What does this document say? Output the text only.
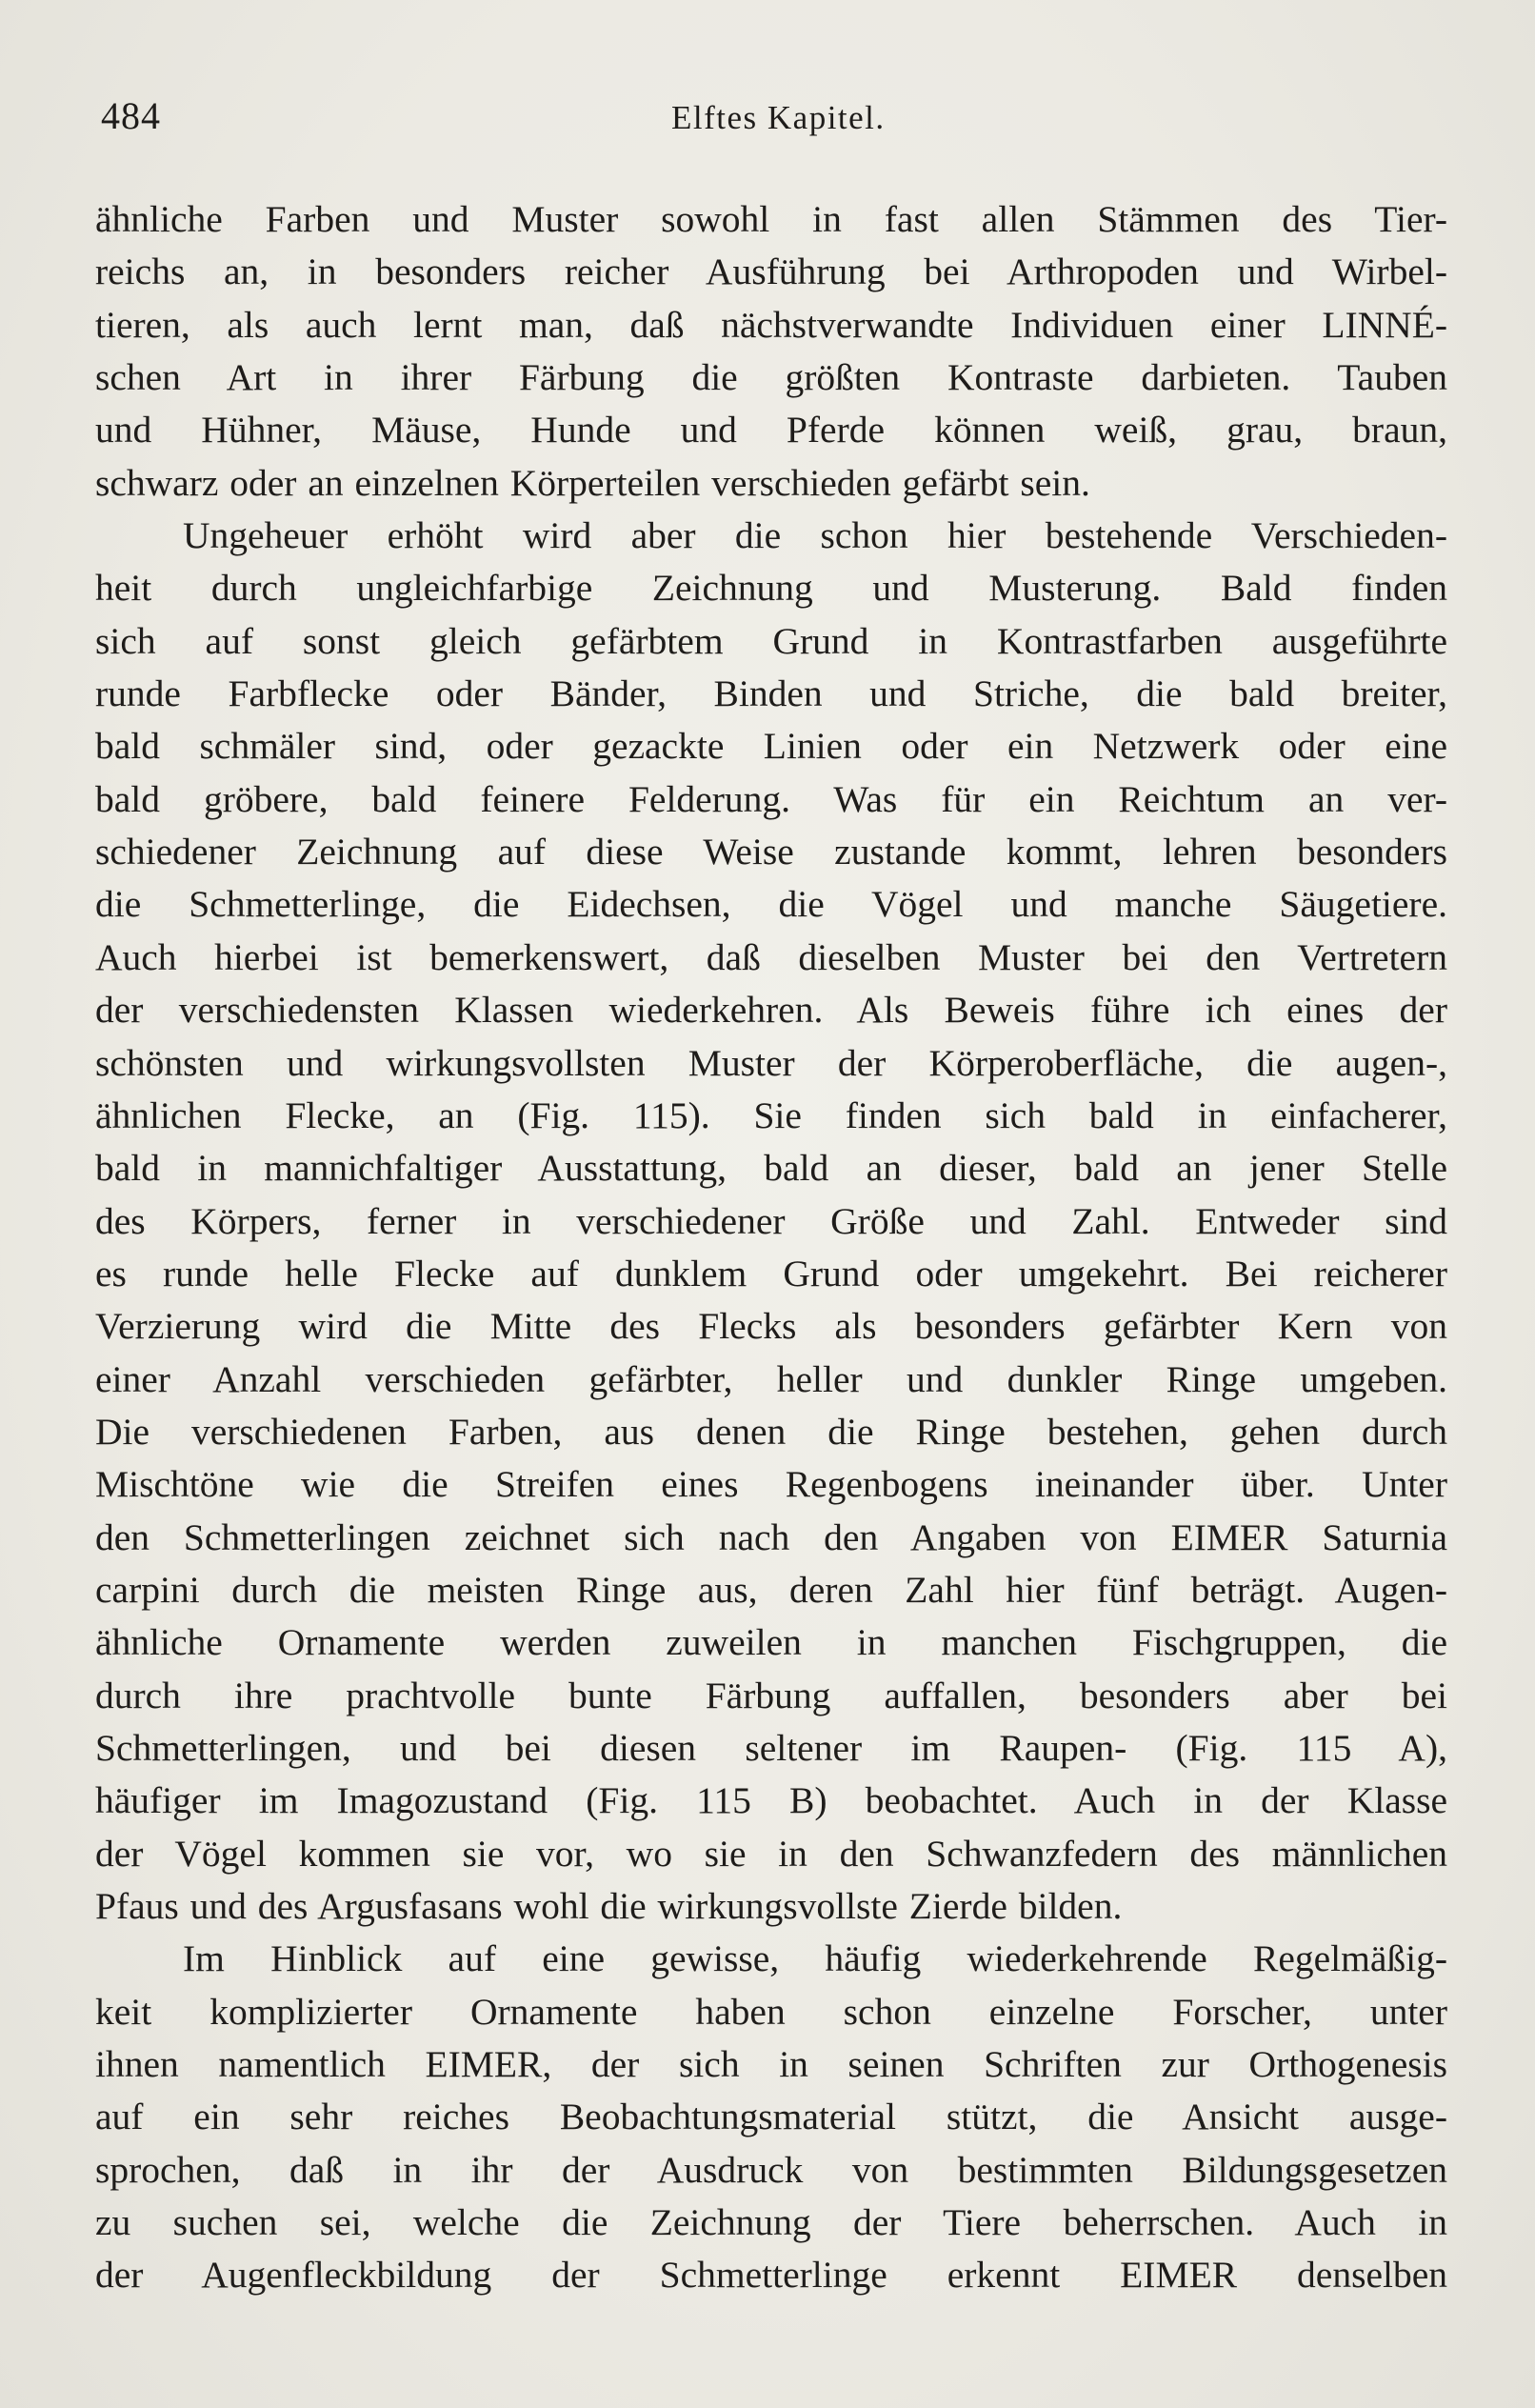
484	Elftes Kapitel.
ähnliche Farben und Muster sowohl in fast allen Stämmen des Tier-
reichs an, in besonders reicher Ausführung bei Arthropoden und Wirbel-
tieren, als auch lernt man, daß nächstverwandte Individuen einer LINNÉ-
schen Art in ihrer Färbung die größten Kontraste darbieten. Tauben
und Hühner, Mäuse, Hunde und Pferde können weiß, grau, braun,
schwarz oder an einzelnen Körperteilen verschieden gefärbt sein.
Ungeheuer erhöht wird aber die schon hier bestehende Verschieden-
heit durch ungleichfarbige Zeichnung und Musterung. Bald finden
sich auf sonst gleich gefärbtem Grund in Kontrastfarben ausgeführte
runde Farbflecke oder Bänder, Binden und Striche, die bald breiter,
bald schmäler sind, oder gezackte Linien oder ein Netzwerk oder eine
bald gröbere, bald feinere Felderung. Was für ein Reichtum an ver-
schiedener Zeichnung auf diese Weise zustande kommt, lehren besonders
die Schmetterlinge, die Eidechsen, die Vögel und manche Säugetiere.
Auch hierbei ist bemerkenswert, daß dieselben Muster bei den Vertretern
der verschiedensten Klassen wiederkehren. Als Beweis führe ich eines der
schönsten und wirkungsvollsten Muster der Körperoberfläche, die augen-,
ähnlichen Flecke, an (Fig. 115). Sie finden sich bald in einfacherer,
bald in mannichfaltiger Ausstattung, bald an dieser, bald an jener Stelle
des Körpers, ferner in verschiedener Größe und Zahl. Entweder sind
es runde helle Flecke auf dunklem Grund oder umgekehrt. Bei reicherer
Verzierung wird die Mitte des Flecks als besonders gefärbter Kern von
einer Anzahl verschieden gefärbter, heller und dunkler Ringe umgeben.
Die verschiedenen Farben, aus denen die Ringe bestehen, gehen durch
Mischtöne wie die Streifen eines Regenbogens ineinander über. Unter
den Schmetterlingen zeichnet sich nach den Angaben von EIMER Saturnia
carpini durch die meisten Ringe aus, deren Zahl hier fünf beträgt. Augen-
ähnliche Ornamente werden zuweilen in manchen Fischgruppen, die
durch ihre prachtvolle bunte Färbung auffallen, besonders aber bei
Schmetterlingen, und bei diesen seltener im Raupen- (Fig. 115 A),
häufiger im Imagozustand (Fig. 115 B) beobachtet. Auch in der Klasse
der Vögel kommen sie vor, wo sie in den Schwanzfedern des männlichen
Pfaus und des Argusfasans wohl die wirkungsvollste Zierde bilden.
Im Hinblick auf eine gewisse, häufig wiederkehrende Regelmäßig-
keit komplizierter Ornamente haben schon einzelne Forscher, unter
ihnen namentlich EIMER, der sich in seinen Schriften zur Orthogenesis
auf ein sehr reiches Beobachtungsmaterial stützt, die Ansicht ausge-
sprochen, daß in ihr der Ausdruck von bestimmten Bildungsgesetzen
zu suchen sei, welche die Zeichnung der Tiere beherrschen. Auch in
der Augenfleckbildung der Schmetterlinge erkennt EIMER denselben
